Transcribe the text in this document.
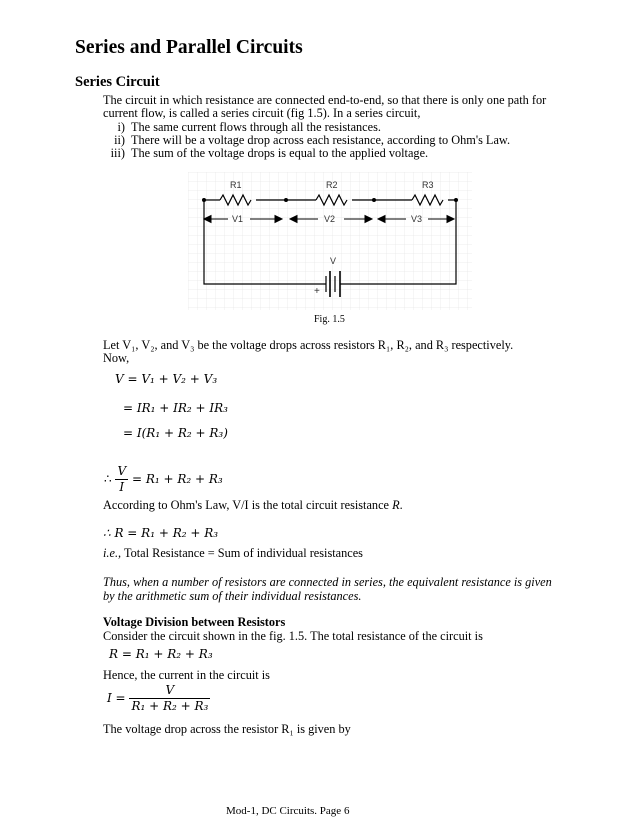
Series and Parallel Circuits
Series Circuit
The circuit in which resistance are connected end-to-end, so that there is only one path for
current flow, is called a series circuit (fig 1.5). In a series circuit,
i) The same current flows through all the resistances.
ii) There will be a voltage drop across each resistance, according to Ohm's Law.
iii) The sum of the voltage drops is equal to the applied voltage.
R1	R2	R3
V1	V2	V3
V
+
Fig. 1.5
Let V₁, V₂, and V₃ be the voltage drops across resistors R₁, R₂, and R₃ respectively.
Now,
V = V₁ + V₂ + V₃
= IR₁ + IR₂ + IR₃
= I(R₁ + R₂ + R₃)
∴ $\frac{V}{I} = R_1 + R_2 + R_3$
According to Ohm's Law, V/I is the total circuit resistance R.
∴ R = R₁ + R₂ + R₃
i.e., Total Resistance = Sum of individual resistances
Thus, when a number of resistors are connected in series, the equivalent resistance is given
by the arithmetic sum of their individual resistances.
Voltage Division between Resistors
Consider the circuit shown in the fig. 1.5. The total resistance of the circuit is
R = R₁ + R₂ + R₃
Hence, the current in the circuit is
$I = \frac{V}{\text{R₁ + R₂ + R₃}}$
The voltage drop across the resistor R₁ is given by
Mod-1, DC Circuits. Page 6
